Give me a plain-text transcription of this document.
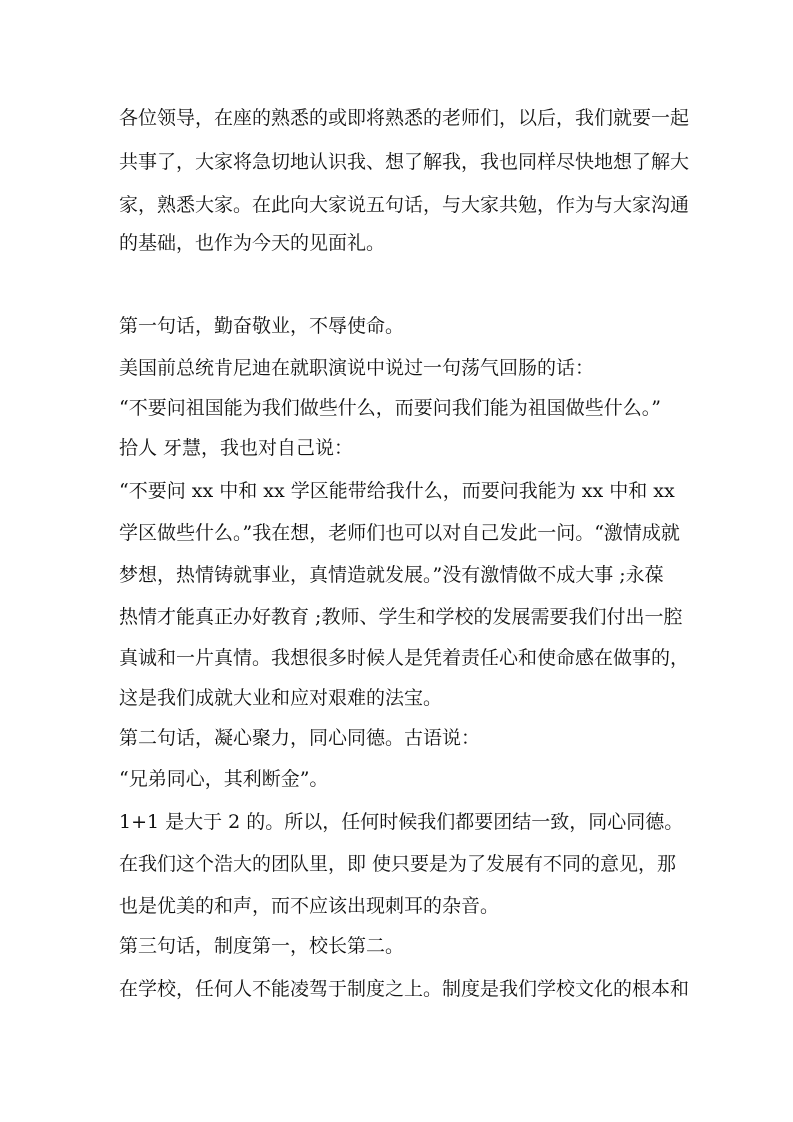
各位领导，在座的熟悉的或即将熟悉的老师们，以后，我们就要一起
共事了，大家将急切地认识我、想了解我，我也同样尽快地想了解大
家，熟悉大家。在此向大家说五句话，与大家共勉，作为与大家沟通
的基础，也作为今天的见面礼。
第一句话，勤奋敬业，不辱使命。
美国前总统肯尼迪在就职演说中说过一句荡气回肠的话：
“不要问祖国能为我们做些什么，而要问我们能为祖国做些什么。”
拾人 牙慧，我也对自己说：
“不要问 xx 中和 xx 学区能带给我什么，而要问我能为 xx 中和 xx
学区做些什么。”我在想，老师们也可以对自己发此一问。“激情成就
梦想，热情铸就事业，真情造就发展。”没有激情做不成大事 ;永葆
热情才能真正办好教育 ;教师、学生和学校的发展需要我们付出一腔
真诚和一片真情。我想很多时候人是凭着责任心和使命感在做事的，
这是我们成就大业和应对艰难的法宝。
第二句话，凝心聚力，同心同德。古语说：
“兄弟同心，其利断金”。
1+1 是大于 2 的。所以，任何时候我们都要团结一致，同心同德。
在我们这个浩大的团队里，即 使只要是为了发展有不同的意见，那
也是优美的和声，而不应该出现刺耳的杂音。
第三句话，制度第一，校长第二。
在学校，任何人不能凌驾于制度之上。制度是我们学校文化的根本和
